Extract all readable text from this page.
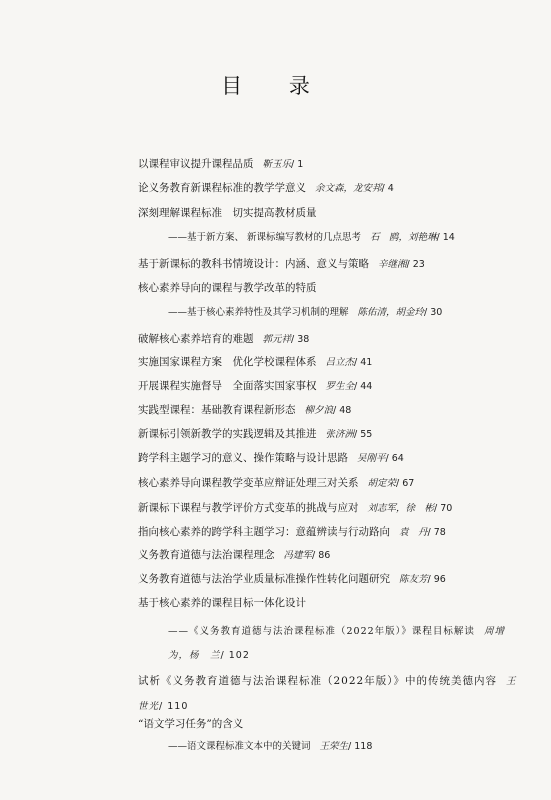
目 录

以课程审议提升课程品质 靳玉乐/ 1

论义务教育新课程标准的教学学意义 余文森，龙安邦/ 4

深刻理解课程标准　切实提高教材质量

——基于新方案、 新课标编写教材的几点思考 石　鸥，刘艳琳/ 14

基于新课标的教科书情境设计：内涵、意义与策略 辛继湘/ 23

核心素养导向的课程与教学改革的特质

——基于核心素养特性及其学习机制的理解 陈佑清，胡金玲/ 30

破解核心素养培育的难题 郭元祥/ 38

实施国家课程方案　优化学校课程体系 吕立杰/ 41

开展课程实施督导　全面落实国家事权 罗生全/ 44

实践型课程：基础教育课程新形态 柳夕浪/ 48

新课标引领新教学的实践逻辑及其推进 张济洲/ 55

跨学科主题学习的意义、操作策略与设计思路 吴刚平/ 64

核心素养导向课程教学变革应辩证处理三对关系 胡定荣/ 67

新课标下课程与教学评价方式变革的挑战与应对 刘志军，徐　彬/ 70

指向核心素养的跨学科主题学习：意蕴辨读与行动路向 袁　丹/ 78

义务教育道德与法治课程理念 冯建军/ 86

义务教育道德与法治学业质量标准操作性转化问题研究 陈友芳/ 96

基于核心素养的课程目标一体化设计

——《义务教育道德与法治课程标准（2022年版）》课程目标解读 周增为，杨　兰/ 102

试析《义务教育道德与法治课程标准（2022年版）》中的传统美德内容 王世光/ 110

“语文学习任务”的含义

——语文课程标准文本中的关键词 王荣生/ 118
